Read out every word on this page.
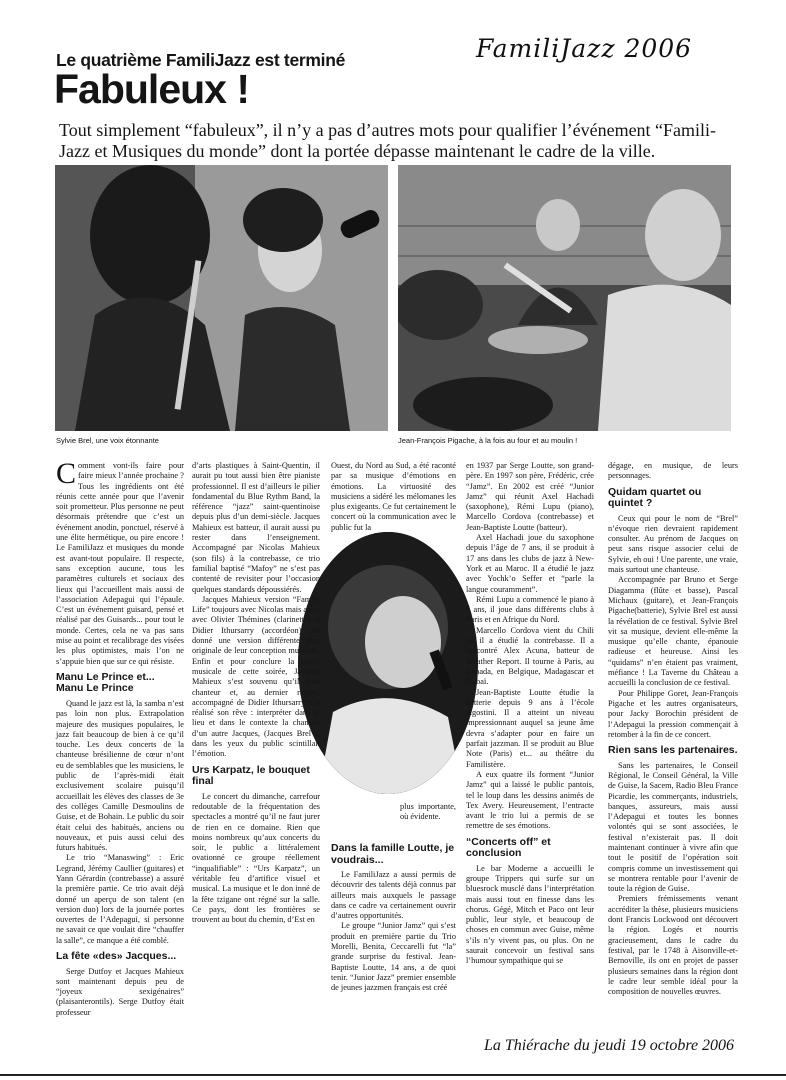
FamiliJazz 2006
Le quatrième FamiliJazz est terminé
Fabuleux !
Tout simplement “fabuleux”, il n’y a pas d’autres mots pour qualifier l’événement “Famili-Jazz et Musiques du monde” dont la portée dépasse maintenant le cadre de la ville.
Sylvie Brel, une voix étonnante	Jean-François Pigache, à la fois au four et au moulin !

Comment vont-ils faire pour faire mieux l’année prochaine ? Tous les ingrédients ont été réunis cette année pour que l’avenir soit prometteur. Plus personne ne peut désormais prétendre que c’est un événement anodin, ponctuel, réservé à une élite hermétique, ou pire encore ! Le FamiliJazz et musiques du monde est avant-tout populaire. Il respecte, sans exception aucune, tous les paramètres culturels et sociaux des lieux qui l’accueillent mais aussi de l’association Adepagui qui l’épaule. C’est un événement guisard, pensé et réalisé par des Guisards... pour tout le monde. Certes, cela ne va pas sans mise au point et recalibrage des visées les plus optimistes, mais l’on ne s’appuie bien que sur ce qui résiste.

Manu Le Prince et... Manu Le Prince

Quand le jazz est là, la samba n’est pas loin non plus. Extrapolation majeure des musiques populaires, le jazz fait beaucoup de bien à ce qu’il touche. Les deux concerts de la chanteuse brésilienne de cœur n’ont eu de semblables que les musiciens, le public de l’après-midi était exclusivement scolaire puisqu’il accueillait les élèves des classes de 3e des collèges Camille Desmoulins de Guise, et de Bohain. Le public du soir était celui des habitués, anciens ou nouveaux, et puis aussi celui des futurs habitués.

Le trio “Manaswing” : Eric Legrand, Jérémy Caullier (guitares) et Yann Gérardin (contrebasse) a assuré la première partie. Ce trio avait déjà donné un aperçu de son talent (en version duo) lors de la journée portes ouvertes de l’Adepagui, si personne ne savait ce que voulait dire “chauffer la salle”, ce manque a été comblé.

La fête «des» Jacques...

Serge Dutfoy et Jacques Mahieux sont maintenant depuis peu de “joyeux sexigénaires” (plaisanterontils). Serge Dutfoy était professeur

d’arts plastiques à Saint-Quentin, il aurait pu tout aussi bien être pianiste professionnel. Il est d’ailleurs le pilier fondamental du Blue Rythm Band, la référence “jazz” saint-quentinoise depuis plus d’un demi-siècle. Jacques Mahieux est batteur, il aurait aussi pu rester dans l’enseignement. Accompagné par Nicolas Mahieux (son fils) à la contrebasse, ce trio familial baptisé “Mafoy” ne s’est pas contenté de revisiter pour l’occasion quelques standards dépoussiérés.

Jacques Mahieux version “Family Life” toujours avec Nicolas mais aussi avec Olivier Thémines (clarinette) et Didier Ithursarry (accordéon) ont donné une version différente plus originale de leur conception musicale. Enfin et pour conclure la partie musicale de cette soirée, Jacques Mahieux s’est souvenu qu’il était chanteur et, au dernier rappel, accompagné de Didier Ithursarry il a réalisé son rêve : interpréter dans le lieu et dans le contexte la chanson d’un autre Jacques, (Jacques Brel ), dans les yeux du public scintillait l’émotion.

Urs Karpatz, le bouquet final

Le concert du dimanche, carrefour redoutable de la fréquentation des spectacles a montré qu’il ne faut jurer de rien en ce domaine. Rien que moins nombreux qu’aux concerts du soir, le public a littéralement ovationné ce groupe réellement “inqualifiable” : “Urs Karpatz”, un véritable feu d’artifice visuel et musical. La musique et le don inné de la fête tzigane ont régné sur la salle. Ce pays, dont les frontières se trouvent au bout du chemin, d’Est en

Ouest, du Nord au Sud, a été raconté par sa musique d’émotions en émotions. La virtuosité des musiciens a sidéré les mélomanes les plus exigeants. Ce fut certainement le concert où la communication avec le public fut la

plus importante, où évidente.

Dans la famille Loutte, je voudrais...

Le FamiliJazz a aussi permis de découvrir des talents déjà connus par ailleurs mais auxquels le passage dans ce cadre va certainement ouvrir d’autres opportunités.

Le groupe “Junior Jamz” qui s’est produit en première partie du Trio Morelli, Benita, Ceccarelli fut “la” grande surprise du festival. Jean-Baptiste Loutte, 14 ans, a de quoi tenir. “Junior Jazz” premier ensemble de jeunes jazzmen français est créé

en 1937 par Serge Loutte, son grand-père. En 1997 son père, Frédéric, crée “Jamz”. En 2002 est créé “Junior Jamz” qui réunit Axel Hachadi (saxophone), Rémi Lupu (piano), Marcello Cordova (contrebasse) et Jean-Baptiste Loutte (batteur).

Axel Hachadi joue du saxophone depuis l’âge de 7 ans, il se produit à 17 ans dans les clubs de jazz à New-York et au Maroc. Il a étudié le jazz avec Yochk’o Seffer et “parle la langue couramment”.

Rémi Lupu a commencé le piano à 6 ans, il joue dans différents clubs à Paris et en Afrique du Nord.

Marcello Cordova vient du Chili où il a étudié la contrebasse. Il a rencontré Alex Acuna, batteur de Weather Report. Il tourne à Paris, au Canada, en Belgique, Madagascar et Dubaï.

Jean-Baptiste Loutte étudie la batterie depuis 9 ans à l’école Agostini. Il a atteint un niveau impressionnant auquel sa jeune âme devra s’adapter pour en faire un parfait jazzman. Il se produit au Blue Note (Paris) et... au théâtre du Familistère.

A eux quatre ils forment “Junior Jamz” qui a laissé le public pantois, tel le loup dans les dessins animés de Tex Avery. Heureusement, l’entracte avant le trio lui a permis de se remettre de ses émotions.

“Concerts off” et conclusion

Le bar Moderne a accueilli le groupe Trippers qui surfe sur un bluesrock musclé dans l’interprétation mais aussi tout en finesse dans les chorus. Gégé, Mitch et Paco ont leur public, leur style, et beaucoup de choses en commun avec Guise, même s’ils n’y vivent pas, ou plus. On ne saurait concevoir un festival sans l’humour sympathique qui se

dégage, en musique, de leurs personnages.

Quidam quartet ou quintet ?

Ceux qui pour le nom de “Brel” n’évoque rien devraient rapidement consulter. Au prénom de Jacques on peut sans risque associer celui de Sylvie, eh oui ! Une parente, une vraie, mais surtout une chanteuse.

Accompagnée par Bruno et Serge Diagamma (flûte et basse), Pascal Michaux (guitare), et Jean-François Pigache(batterie), Sylvie Brel est aussi la révélation de ce festival. Sylvie Brel vit sa musique, devient elle-même la musique qu’elle chante, épanouie radieuse et heureuse. Ainsi les “quidams” n’en étaient pas vraiment, méfiance ! La Taverne du Château a accueilli la conclusion de ce festival.

Pour Philippe Goret, Jean-François Pigache et les autres organisateurs, pour Jacky Borochin président de l’Adepagui la pression commençait à retomber à la fin de ce concert.

Rien sans les partenaires.

Sans les partenaires, le Conseil Régional, le Conseil Général, la Ville de Guise, la Sacem, Radio Bleu France Picardie, les commerçants, industriels, banques, assureurs, mais aussi l’Adepagui et toutes les bonnes volontés qui se sont associées, le festival n’existerait pas. Il doit maintenant continuer à vivre afin que tout le positif de l’opération soit compris comme un investissement qui se montrera rentable pour l’avenir de toute la région de Guise.

Premiers frémissements venant accréditer la thèse, plusieurs musiciens dont Francis Lockwood ont découvert la région. Logés et nourris gracieusement, dans le cadre du festival, par le 1748 à Aisonville-et-Bernoville, ils ont en projet de passer plusieurs semaines dans la région dont le cadre leur semble idéal pour la composition de nouvelles œuvres.

La Thiérache du jeudi 19 octobre 2006
